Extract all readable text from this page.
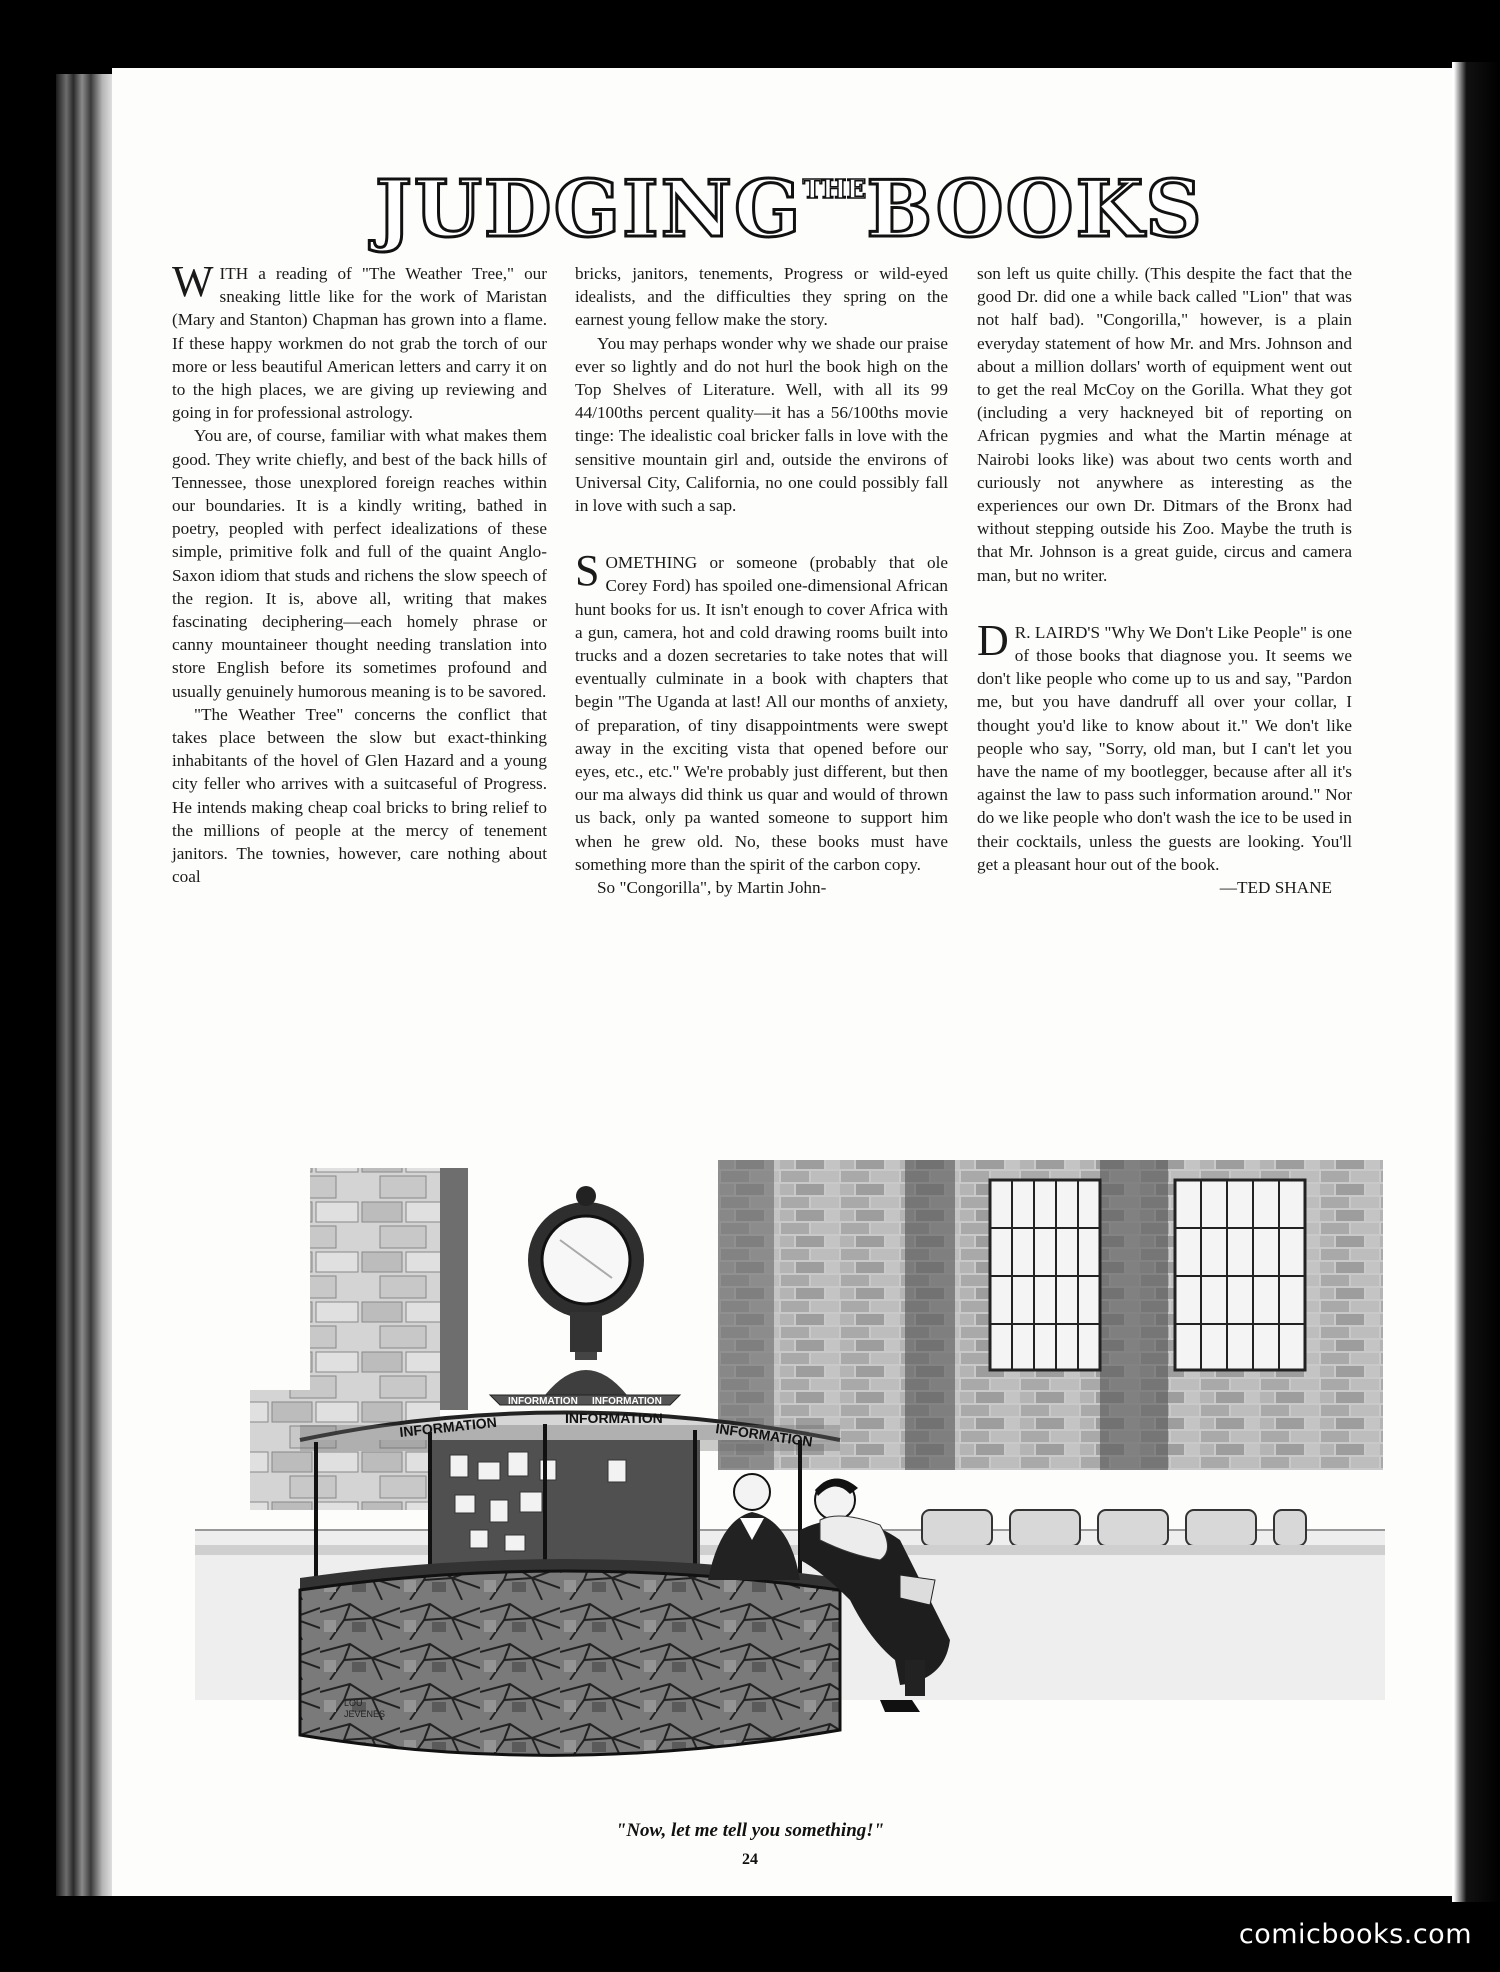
$JUDGING^{THE}BOOKS$

WITH a reading of "The Weather Tree," our sneaking little like for the work of Maristan (Mary and Stanton) Chapman has grown into a flame. If these happy workmen do not grab the torch of our more or less beautiful American letters and carry it on to the high places, we are giving up reviewing and going in for professional astrology.

You are, of course, familiar with what makes them good. They write chiefly, and best of the back hills of Tennessee, those unexplored foreign reaches within our boundaries. It is a kindly writing, bathed in poetry, peopled with perfect idealizations of these simple, primitive folk and full of the quaint Anglo-Saxon idiom that studs and richens the slow speech of the region. It is, above all, writing that makes fascinating deciphering—each homely phrase or canny mountaineer thought needing translation into store English before its sometimes profound and usually genuinely humorous meaning is to be savored.

"The Weather Tree" concerns the conflict that takes place between the slow but exact-thinking inhabitants of the hovel of Glen Hazard and a young city feller who arrives with a suitcaseful of Progress. He intends making cheap coal bricks to bring relief to the millions of people at the mercy of tenement janitors. The townies, however, care nothing about coal

bricks, janitors, tenements, Progress or wild-eyed idealists, and the difficulties they spring on the earnest young fellow make the story.

You may perhaps wonder why we shade our praise ever so lightly and do not hurl the book high on the Top Shelves of Literature. Well, with all its 99 44/100ths percent quality—it has a 56/100ths movie tinge: The idealistic coal bricker falls in love with the sensitive mountain girl and, outside the environs of Universal City, California, no one could possibly fall in love with such a sap.

SOMETHING or someone (probably that ole Corey Ford) has spoiled one-dimensional African hunt books for us. It isn't enough to cover Africa with a gun, camera, hot and cold drawing rooms built into trucks and a dozen secretaries to take notes that will eventually culminate in a book with chapters that begin "The Uganda at last! All our months of anxiety, of preparation, of tiny disappointments were swept away in the exciting vista that opened before our eyes, etc., etc." We're probably just different, but then our ma always did think us quar and would of thrown us back, only pa wanted someone to support him when he grew old. No, these books must have something more than the spirit of the carbon copy.

So "Congorilla", by Martin John-

son left us quite chilly. (This despite the fact that the good Dr. did one a while back called "Lion" that was not half bad). "Congorilla," however, is a plain everyday statement of how Mr. and Mrs. Johnson and about a million dollars' worth of equipment went out to get the real McCoy on the Gorilla. What they got (including a very hackneyed bit of reporting on African pygmies and what the Martin ménage at Nairobi looks like) was about two cents worth and curiously not anywhere as interesting as the experiences our own Dr. Ditmars of the Bronx had without stepping outside his Zoo. Maybe the truth is that Mr. Johnson is a great guide, circus and camera man, but no writer.

D R. LAIRD'S "Why We Don't Like People" is one of those books that diagnose you. It seems we don't like people who come up to us and say, "Pardon me, but you have dandruff all over your collar, I thought you'd like to know about it." We don't like people who say, "Sorry, old man, but I can't let you have the name of my bootlegger, because after all it's against the law to pass such information around." Nor do we like people who don't wash the ice to be used in their cocktails, unless the guests are looking. You'll get a pleasant hour out of the book.

—TED SHANE

INFORMATION INFORMATION
INFORMATION	INFORMATION
INFORMATION
LOU JEVENES
"Now, let me tell you something!"
24
comicbooks.com
